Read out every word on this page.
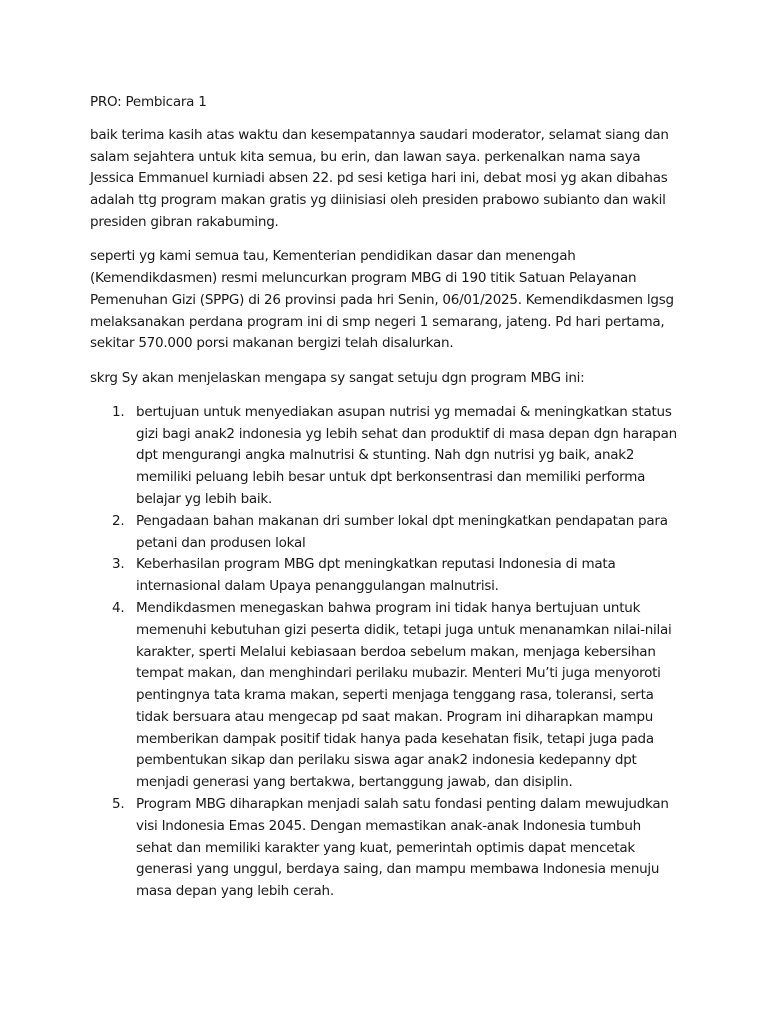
PRO: Pembicara 1

baik terima kasih atas waktu dan kesempatannya saudari moderator, selamat siang dan salam sejahtera untuk kita semua, bu erin, dan lawan saya. perkenalkan nama saya Jessica Emmanuel kurniadi absen 22. pd sesi ketiga hari ini, debat mosi yg akan dibahas adalah ttg program makan gratis yg diinisiasi oleh presiden prabowo subianto dan wakil presiden gibran rakabuming.

seperti yg kami semua tau, Kementerian pendidikan dasar dan menengah (Kemendikdasmen) resmi meluncurkan program MBG di 190 titik Satuan Pelayanan Pemenuhan Gizi (SPPG) di 26 provinsi pada hri Senin, 06/01/2025. Kemendikdasmen lgsg melaksanakan perdana program ini di smp negeri 1 semarang, jateng. Pd hari pertama, sekitar 570.000 porsi makanan bergizi telah disalurkan.

skrg Sy akan menjelaskan mengapa sy sangat setuju dgn program MBG ini:

1. bertujuan untuk menyediakan asupan nutrisi yg memadai & meningkatkan status gizi bagi anak2 indonesia yg lebih sehat dan produktif di masa depan dgn harapan dpt mengurangi angka malnutrisi & stunting. Nah dgn nutrisi yg baik, anak2 memiliki peluang lebih besar untuk dpt berkonsentrasi dan memiliki performa belajar yg lebih baik.
2. Pengadaan bahan makanan dri sumber lokal dpt meningkatkan pendapatan para petani dan produsen lokal
3. Keberhasilan program MBG dpt meningkatkan reputasi Indonesia di mata internasional dalam Upaya penanggulangan malnutrisi.
4. Mendikdasmen menegaskan bahwa program ini tidak hanya bertujuan untuk memenuhi kebutuhan gizi peserta didik, tetapi juga untuk menanamkan nilai-nilai karakter, sperti Melalui kebiasaan berdoa sebelum makan, menjaga kebersihan tempat makan, dan menghindari perilaku mubazir. Menteri Mu’ti juga menyoroti pentingnya tata krama makan, seperti menjaga tenggang rasa, toleransi, serta tidak bersuara atau mengecap pd saat makan. Program ini diharapkan mampu memberikan dampak positif tidak hanya pada kesehatan fisik, tetapi juga pada pembentukan sikap dan perilaku siswa agar anak2 indonesia kedepanny dpt menjadi generasi yang bertakwa, bertanggung jawab, dan disiplin.
5. Program MBG diharapkan menjadi salah satu fondasi penting dalam mewujudkan visi Indonesia Emas 2045. Dengan memastikan anak-anak Indonesia tumbuh sehat dan memiliki karakter yang kuat, pemerintah optimis dapat mencetak generasi yang unggul, berdaya saing, dan mampu membawa Indonesia menuju masa depan yang lebih cerah.
